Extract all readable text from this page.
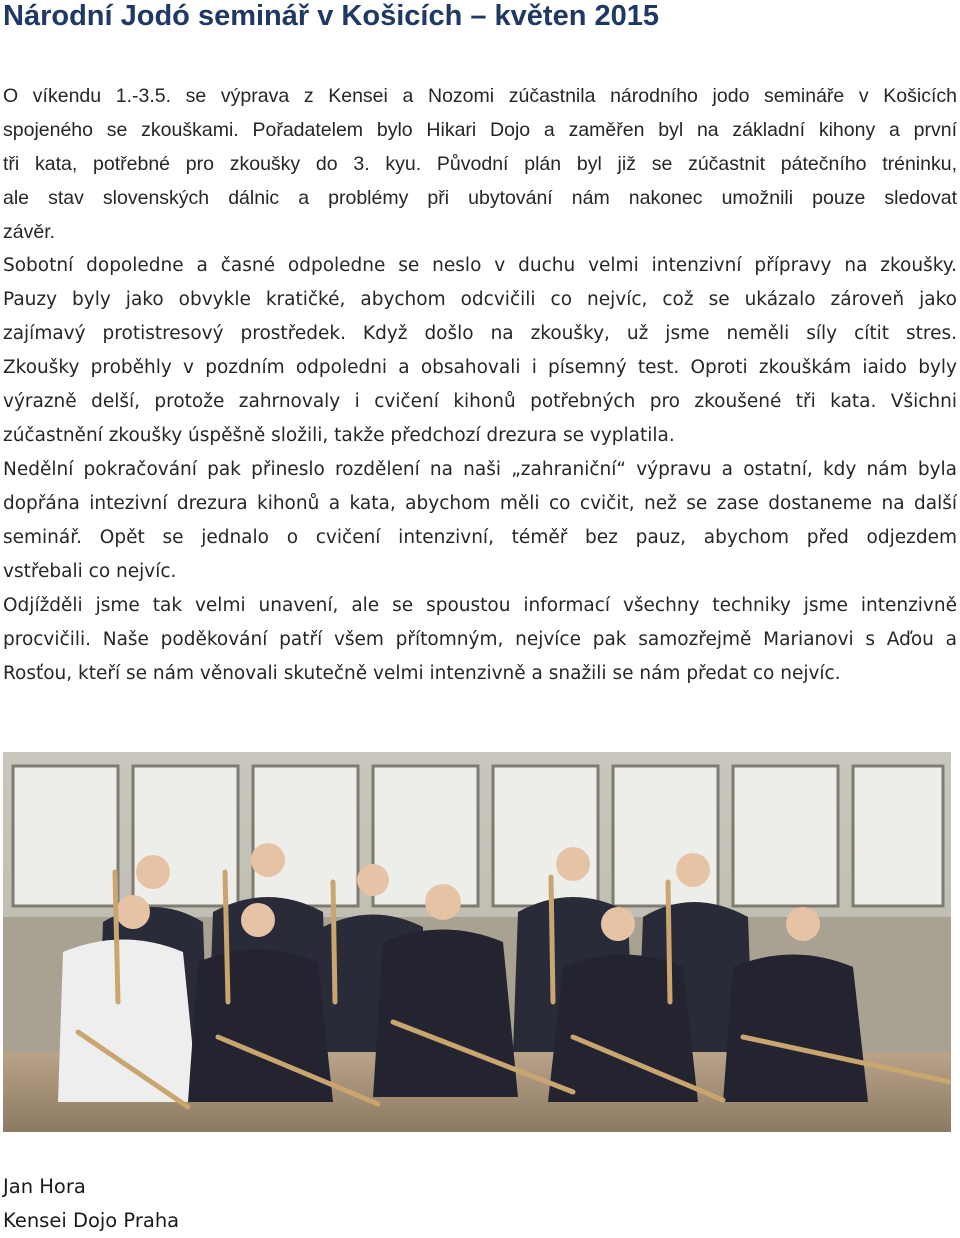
Národní Jodó seminář v Košicích – květen 2015
O víkendu 1.-3.5. se výprava z Kensei a Nozomi zúčastnila národního jodo semináře v Košicích
spojeného se zkouškami. Pořadatelem bylo Hikari Dojo a zaměřen byl na základní kihony a první
tři kata, potřebné pro zkoušky do 3. kyu. Původní plán byl již se zúčastnit pátečního tréninku,
ale stav slovenských dálnic a problémy při ubytování nám nakonec umožnili pouze sledovat
závěr.
Sobotní dopoledne a časné odpoledne se neslo v duchu velmi intenzivní přípravy na zkoušky.
Pauzy byly jako obvykle kratičké, abychom odcvičili co nejvíc, což se ukázalo zároveň jako
zajímavý protistresový prostředek. Když došlo na zkoušky, už jsme neměli síly cítit stres.
Zkoušky proběhly v pozdním odpoledni a obsahovali i písemný test. Oproti zkouškám iaido byly
výrazně delší, protože zahrnovaly i cvičení kihonů potřebných pro zkoušené tři kata. Všichni
zúčastnění zkoušky úspěšně složili, takže předchozí drezura se vyplatila.
Nedělní pokračování pak přineslo rozdělení na naši „zahraniční“ výpravu a ostatní, kdy nám byla
dopřána intezivní drezura kihonů a kata, abychom měli co cvičit, než se zase dostaneme na další
seminář. Opět se jednalo o cvičení intenzivní, téměř bez pauz, abychom před odjezdem
vstřebali co nejvíc.
Odjížděli jsme tak velmi unavení, ale se spoustou informací všechny techniky jsme intenzivně
procvičili. Naše poděkování patří všem přítomným, nejvíce pak samozřejmě Marianovi s Aďou a
Rosťou, kteří se nám věnovali skutečně velmi intenzivně a snažili se nám předat co nejvíc.
Jan Hora
Kensei Dojo Praha
